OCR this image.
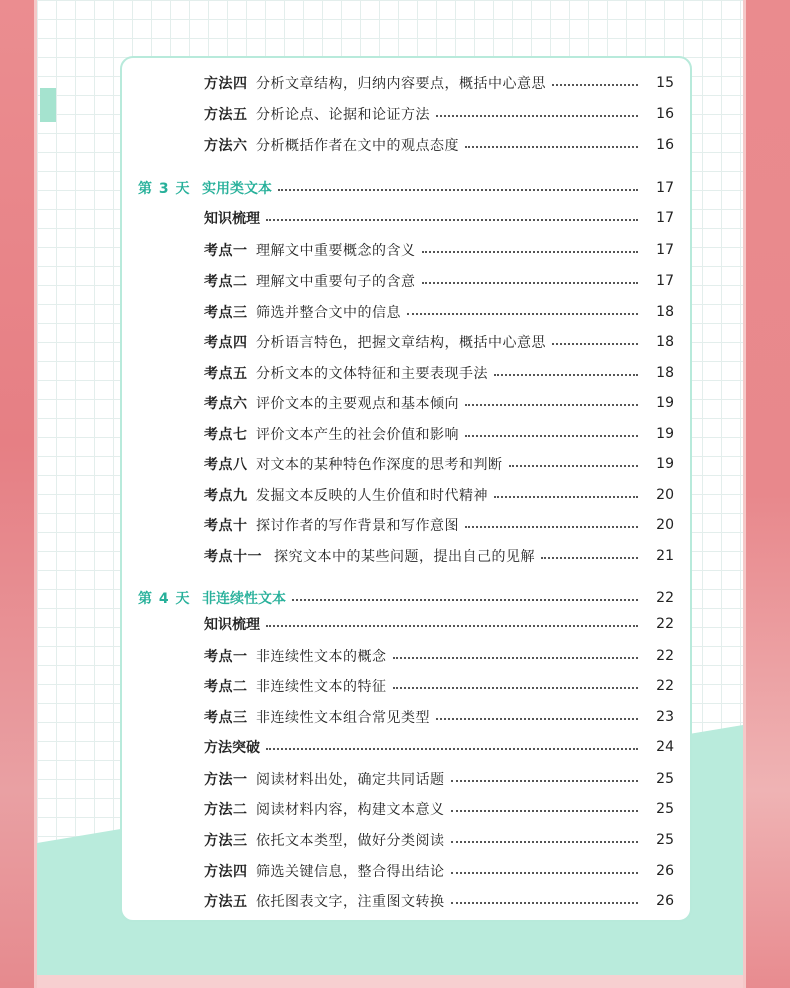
方法四 分析文章结构，归纳内容要点，概括中心意思	15
方法五 分析论点、论据和论证方法	16
方法六 分析概括作者在文中的观点态度	16
第 3 天 实用类文本	17
知识梳理	17
考点一 理解文中重要概念的含义	17
考点二 理解文中重要句子的含意	17
考点三 筛选并整合文中的信息	18
考点四 分析语言特色，把握文章结构，概括中心意思	18
考点五 分析文本的文体特征和主要表现手法	18
考点六 评价文本的主要观点和基本倾向	19
考点七 评价文本产生的社会价值和影响	19
考点八 对文本的某种特色作深度的思考和判断	19
考点九 发掘文本反映的人生价值和时代精神	20
考点十 探讨作者的写作背景和写作意图	20
考点十一 探究文本中的某些问题，提出自己的见解	21
第 4 天 非连续性文本	22
知识梳理	22
考点一 非连续性文本的概念	22
考点二 非连续性文本的特征	22
考点三 非连续性文本组合常见类型	23
方法突破	24
方法一 阅读材料出处，确定共同话题	25
方法二 阅读材料内容，构建文本意义	25
方法三 依托文本类型，做好分类阅读	25
方法四 筛选关键信息，整合得出结论	26
方法五 依托图表文字，注重图文转换	26
